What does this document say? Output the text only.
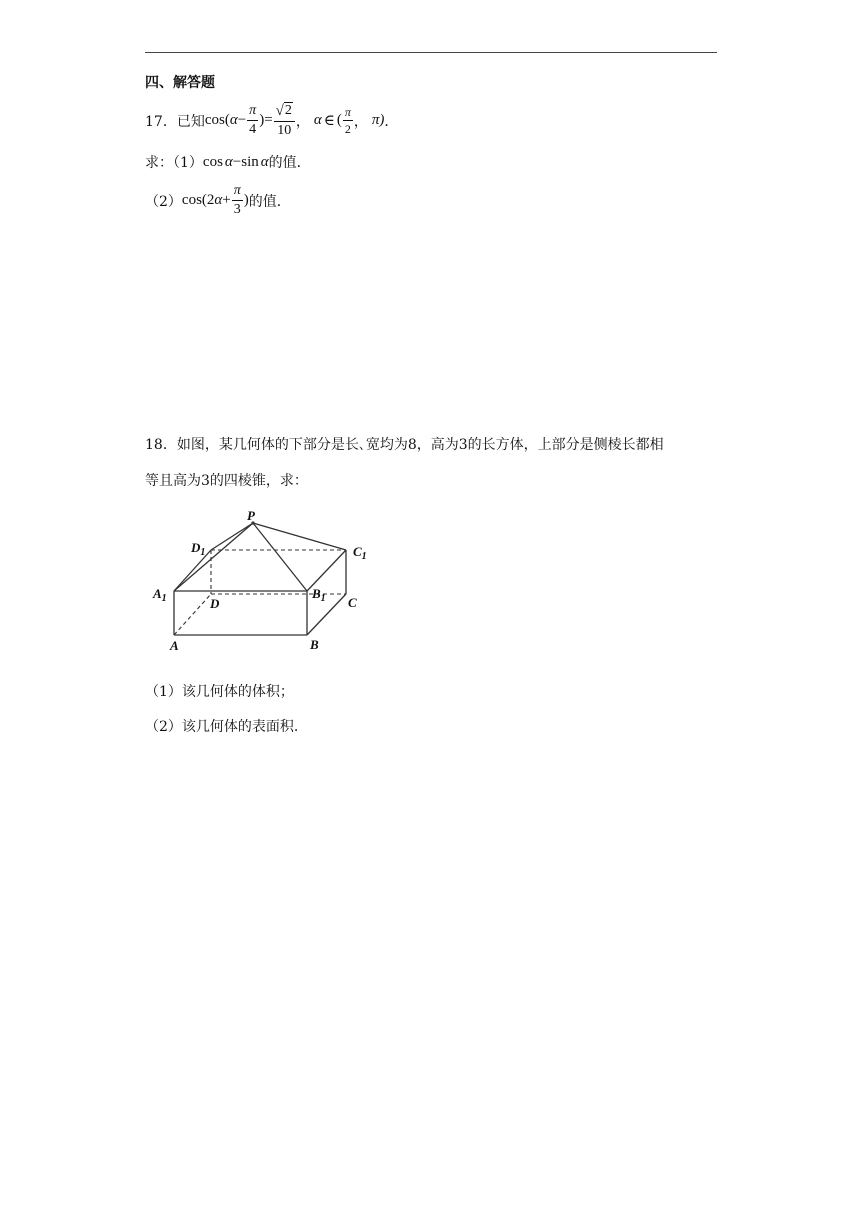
四、解答题
17． 已知 cos ( $\alpha - \frac{\pi}{4}$ ) = $\frac{√ 2}{10}$ ， α ∈ ( $\frac{\pi}{2}$ ， π) ．
求：（1） cos α −sin α 的值．
（2） cos(2 $\alpha + \frac{\pi}{3}$ ) 的值．
18．如图，某几何体的下部分是长､宽均为8，高为3的长方体，上部分是侧棱长都相
等且高为3的四棱锥，求：
P
$D_1$	$C_1$
$A_1$	$B_1$
D	C
A	B
（1）该几何体的体积；
（2）该几何体的表面积.
